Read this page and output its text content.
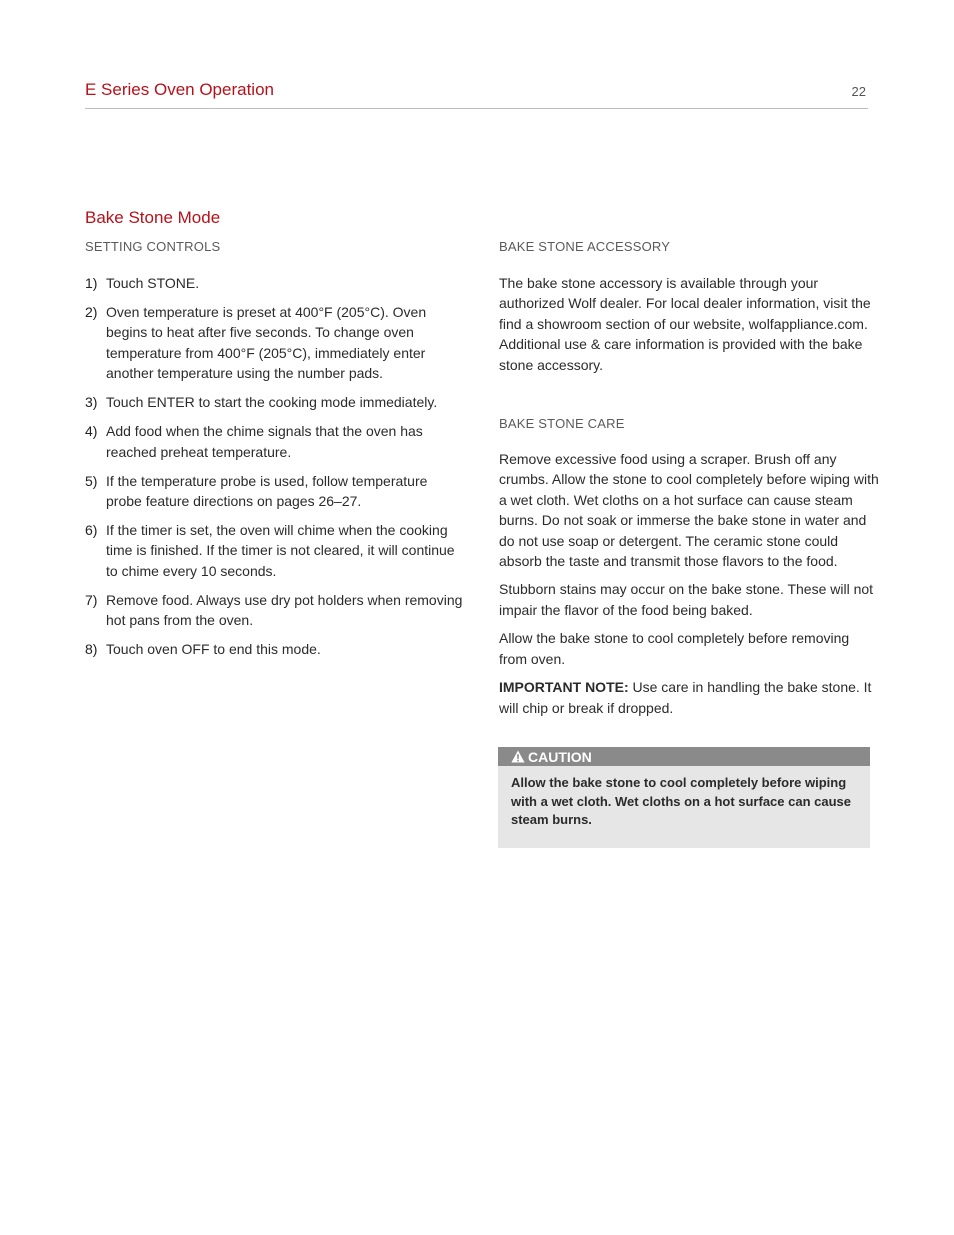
E Series Oven Operation	22
Bake Stone Mode
SETTING CONTROLS
1) Touch STONE.
2) Oven temperature is preset at 400°F (205°C). Oven begins to heat after five seconds. To change oven temperature from 400°F (205°C), immediately enter another temperature using the number pads.
3) Touch ENTER to start the cooking mode immediately.
4) Add food when the chime signals that the oven has reached preheat temperature.
5) If the temperature probe is used, follow temperature probe feature directions on pages 26–27.
6) If the timer is set, the oven will chime when the cooking time is finished. If the timer is not cleared, it will continue to chime every 10 seconds.
7) Remove food. Always use dry pot holders when removing hot pans from the oven.
8) Touch oven OFF to end this mode.
BAKE STONE ACCESSORY

The bake stone accessory is available through your authorized Wolf dealer. For local dealer information, visit the find a showroom section of our website, wolfappliance.com. Additional use & care information is provided with the bake stone accessory.

BAKE STONE CARE

Remove excessive food using a scraper. Brush off any crumbs. Allow the stone to cool completely before wiping with a wet cloth. Wet cloths on a hot surface can cause steam burns. Do not soak or immerse the bake stone in water and do not use soap or detergent. The ceramic stone could absorb the taste and transmit those flavors to the food.

Stubborn stains may occur on the bake stone. These will not impair the flavor of the food being baked.

Allow the bake stone to cool completely before removing from oven.

IMPORTANT NOTE: Use care in handling the bake stone. It will chip or break if dropped.

CAUTION
Allow the bake stone to cool completely before wiping with a wet cloth. Wet cloths on a hot surface can cause steam burns.
